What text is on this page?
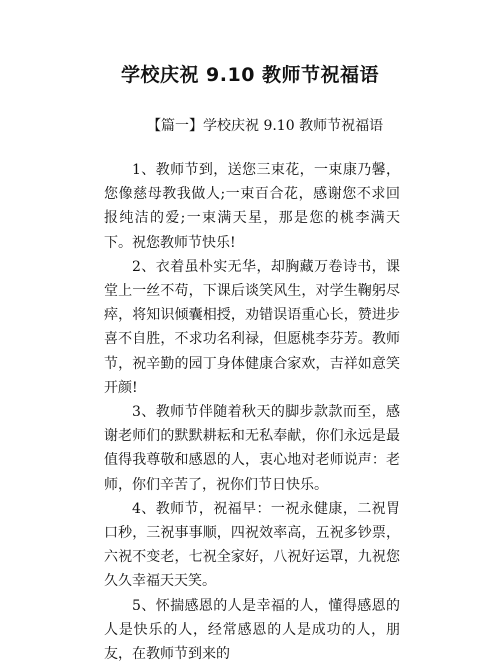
学校庆祝 9.10 教师节祝福语
【篇一】学校庆祝 9.10 教师节祝福语

1、教师节到，送您三束花，一束康乃馨，您像慈母教我做人;一束百合花，感谢您不求回报纯洁的爱;一束满天星，那是您的桃李满天下。祝您教师节快乐!

2、衣着虽朴实无华，却胸藏万卷诗书，课堂上一丝不苟，下课后谈笑风生，对学生鞠躬尽瘁，将知识倾囊相授，劝错误语重心长，赞进步喜不自胜，不求功名利禄，但愿桃李芬芳。教师节，祝辛勤的园丁身体健康合家欢，吉祥如意笑开颜!

3、教师节伴随着秋天的脚步款款而至，感谢老师们的默默耕耘和无私奉献，你们永远是最值得我尊敬和感恩的人，衷心地对老师说声：老师，你们辛苦了，祝你们节日快乐。

4、教师节，祝福早：一祝永健康，二祝胃口秒，三祝事事顺，四祝效率高，五祝多钞票，六祝不变老，七祝全家好，八祝好运罩，九祝您久久幸福天天笑。

5、怀揣感恩的人是幸福的人，懂得感恩的人是快乐的人，经常感恩的人是成功的人，朋友，在教师节到来的
